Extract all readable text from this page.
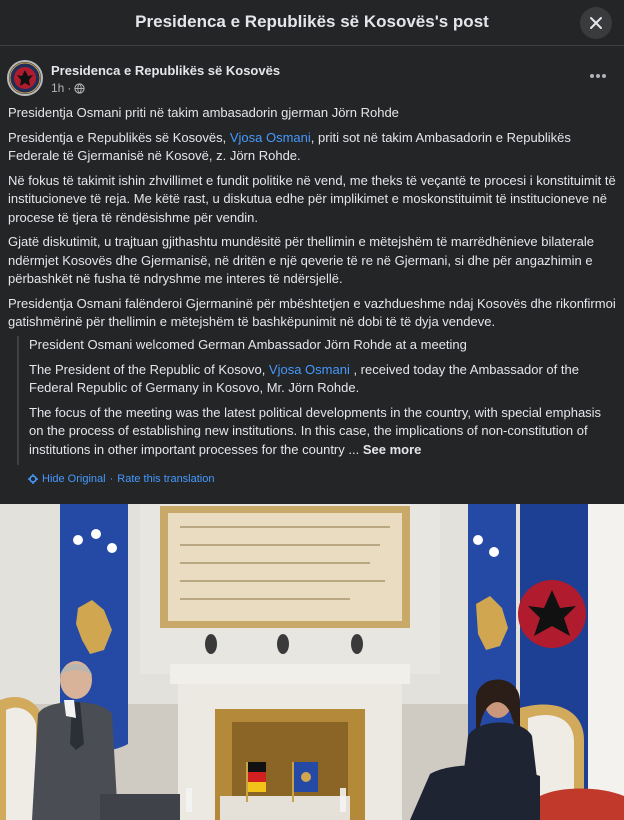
Presidenca e Republikës së Kosovës's post
Presidenca e Republikës së Kosovës
1h ·

Presidentja Osmani priti në takim ambasadorin gjerman Jörn Rohde

Presidentja e Republikës së Kosovës, Vjosa Osmani, priti sot në takim Ambasadorin e Republikës Federale të Gjermanisë në Kosovë, z. Jörn Rohde.

Në fokus të takimit ishin zhvillimet e fundit politike në vend, me theks të veçantë te procesi i konstituimit të institucioneve të reja. Me këtë rast, u diskutua edhe për implikimet e moskonstituimit të institucioneve në procese të tjera të rëndësishme për vendin.

Gjatë diskutimit, u trajtuan gjithashtu mundësitë për thellimin e mëtejshëm të marrëdhënieve bilaterale ndërmjet Kosovës dhe Gjermanisë, në dritën e një qeverie të re në Gjermani, si dhe për angazhimin e përbashkët në fusha të ndryshme me interes të ndërsjellë.

Presidentja Osmani falënderoi Gjermaninë për mbështetjen e vazhdueshme ndaj Kosovës dhe rikonfirmoi gatishmërinë për thellimin e mëtejshëm të bashkëpunimit në dobi të të dyja vendeve.

President Osmani welcomed German Ambassador Jörn Rohde at a meeting

The President of the Republic of Kosovo, Vjosa Osmani , received today the Ambassador of the Federal Republic of Germany in Kosovo, Mr. Jörn Rohde.

The focus of the meeting was the latest political developments in the country, with special emphasis on the process of establishing new institutions. In this case, the implications of non-constitution of institutions in other important processes for the country ... See more

Hide Original · Rate this translation
